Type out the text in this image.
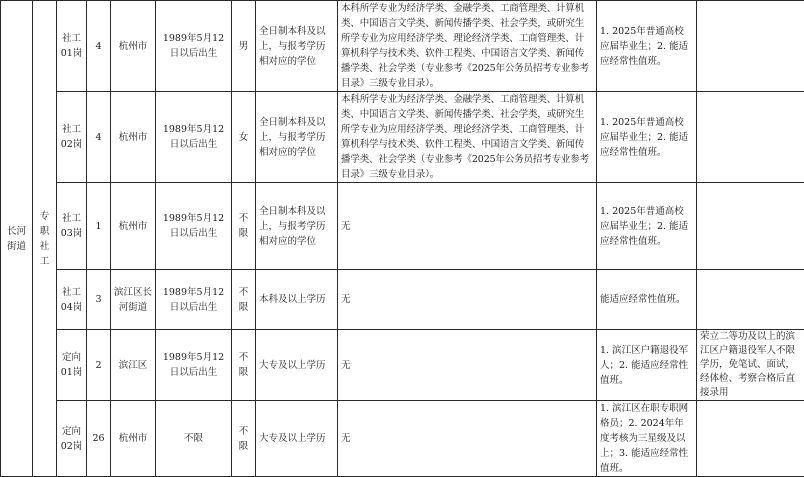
长河街道	专职社工	社工01岗	4	杭州市	1989年5月12日以后出生	男	全日制本科及以上，与报考学历相对应的学位	本科所学专业为经济学类、金融学类、工商管理类、计算机类、中国语言文学类、新闻传播学类、社会学类，或研究生所学专业为应用经济学类、理论经济学类、工商管理类、计算机科学与技术类、软件工程类、中国语言文学类、新闻传播学类、社会学类（专业参考《2025年公务员招考专业参考目录》三级专业目录）。	1. 2025年普通高校应届毕业生；2. 能适应经常性值班。	
		社工02岗	4	杭州市	1989年5月12日以后出生	女	全日制本科及以上，与报考学历相对应的学位	本科所学专业为经济学类、金融学类、工商管理类、计算机类、中国语言文学类、新闻传播学类、社会学类，或研究生所学专业为应用经济学类、理论经济学类、工商管理类、计算机科学与技术类、软件工程类、中国语言文学类、新闻传播学类、社会学类（专业参考《2025年公务员招考专业参考目录》三级专业目录）。	1. 2025年普通高校应届毕业生；2. 能适应经常性值班。	
		社工03岗	1	杭州市	1989年5月12日以后出生	不限	全日制本科及以上，与报考学历相对应的学位	无	1. 2025年普通高校应届毕业生；2. 能适应经常性值班。	
		社工04岗	3	滨江区长河街道	1989年5月12日以后出生	不限	本科及以上学历	无	能适应经常性值班。	
		定向01岗	2	滨江区	1989年5月12日以后出生	不限	大专及以上学历	无	1. 滨江区户籍退役军人；2. 能适应经常性值班。	荣立二等功及以上的滨江区户籍退役军人不限学历，免笔试、面试，经体检、考察合格后直接录用
		定向02岗	26	杭州市	不限	不限	大专及以上学历	无	1. 滨江区在职专职网格员；2. 2024年年度考核为三星级及以上；3. 能适应经常性值班。	
